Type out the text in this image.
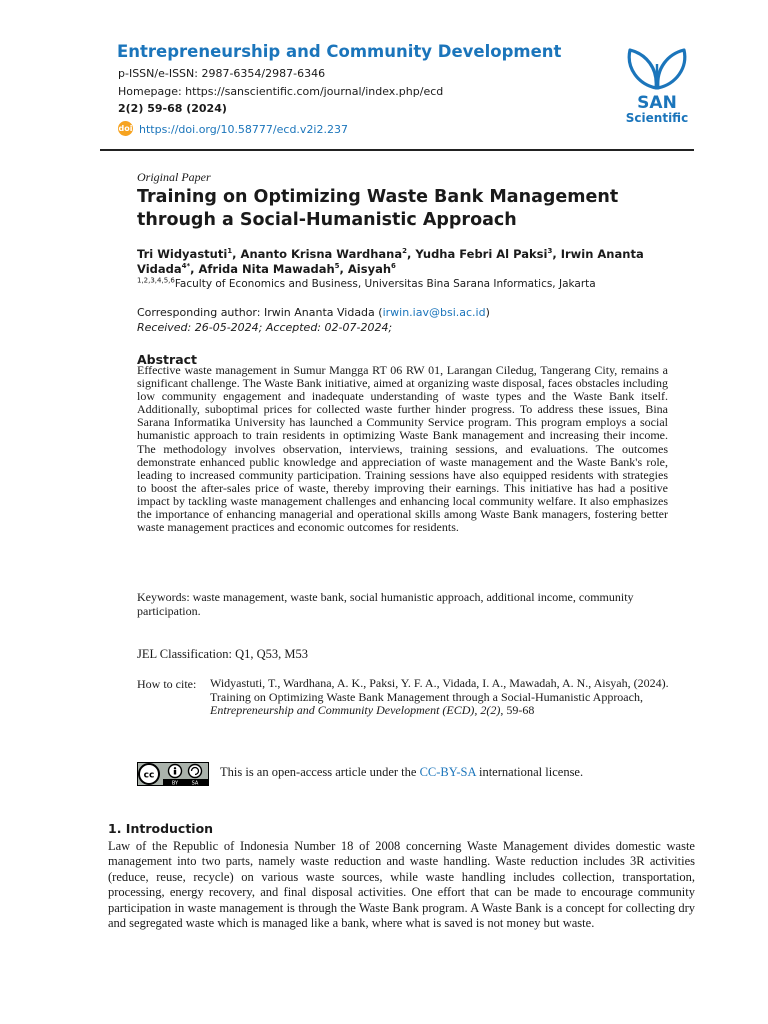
Entrepreneurship and Community Development
p-ISSN/e-ISSN: 2987-6354/2987-6346
Homepage: https://sanscientific.com/journal/index.php/ecd
2(2) 59-68 (2024)
doi https://doi.org/10.58777/ecd.v2i2.237
SAN
Scientific
Original Paper
Training on Optimizing Waste Bank Management
through a Social-Humanistic Approach
Tri Widyastuti$^1$, Ananto Krisna Wardhana$^2$, Yudha Febri Al Paksi$^3$, Irwin Ananta Vidada$^{4*}$, Afrida Nita Mawadah$^5$, Aisyah$^6$
$^{1,2,3,4,5,6}$Faculty of Economics and Business, Universitas Bina Sarana Informatics, Jakarta
Corresponding author: Irwin Ananta Vidada (irwin.iav@bsi.ac.id)
Received: 26-05-2024; Accepted: 02-07-2024;
Abstract
Effective waste management in Sumur Mangga RT 06 RW 01, Larangan Ciledug, Tangerang City, remains a significant challenge. The Waste Bank initiative, aimed at organizing waste disposal, faces obstacles including low community engagement and inadequate understanding of waste types and the Waste Bank itself. Additionally, suboptimal prices for collected waste further hinder progress. To address these issues, Bina Sarana Informatika University has launched a Community Service program. This program employs a social humanistic approach to train residents in optimizing Waste Bank management and increasing their income. The methodology involves observation, interviews, training sessions, and evaluations. The outcomes demonstrate enhanced public knowledge and appreciation of waste management and the Waste Bank's role, leading to increased community participation. Training sessions have also equipped residents with strategies to boost the after-sales price of waste, thereby improving their earnings. This initiative has had a positive impact by tackling waste management challenges and enhancing local community welfare. It also emphasizes the importance of enhancing managerial and operational skills among Waste Bank managers, fostering better waste management practices and economic outcomes for residents.
Keywords: waste management, waste bank, social humanistic approach, additional income, community participation.
JEL Classification: Q1, Q53, M53
How to cite: Widyastuti, T., Wardhana, A. K., Paksi, Y. F. A., Vidada, I. A., Mawadah, A. N., Aisyah, (2024). Training on Optimizing Waste Bank Management through a Social-Humanistic Approach, Entrepreneurship and Community Development (ECD), 2(2), 59-68
cc
BY	SA
This is an open-access article under the CC-BY-SA international license.
1. Introduction
Law of the Republic of Indonesia Number 18 of 2008 concerning Waste Management divides domestic waste management into two parts, namely waste reduction and waste handling. Waste reduction includes 3R activities (reduce, reuse, recycle) on various waste sources, while waste handling includes collection, transportation, processing, energy recovery, and final disposal activities. One effort that can be made to encourage community participation in waste management is through the Waste Bank program. A Waste Bank is a concept for collecting dry and segregated waste which is managed like a bank, where what is saved is not money but waste.
